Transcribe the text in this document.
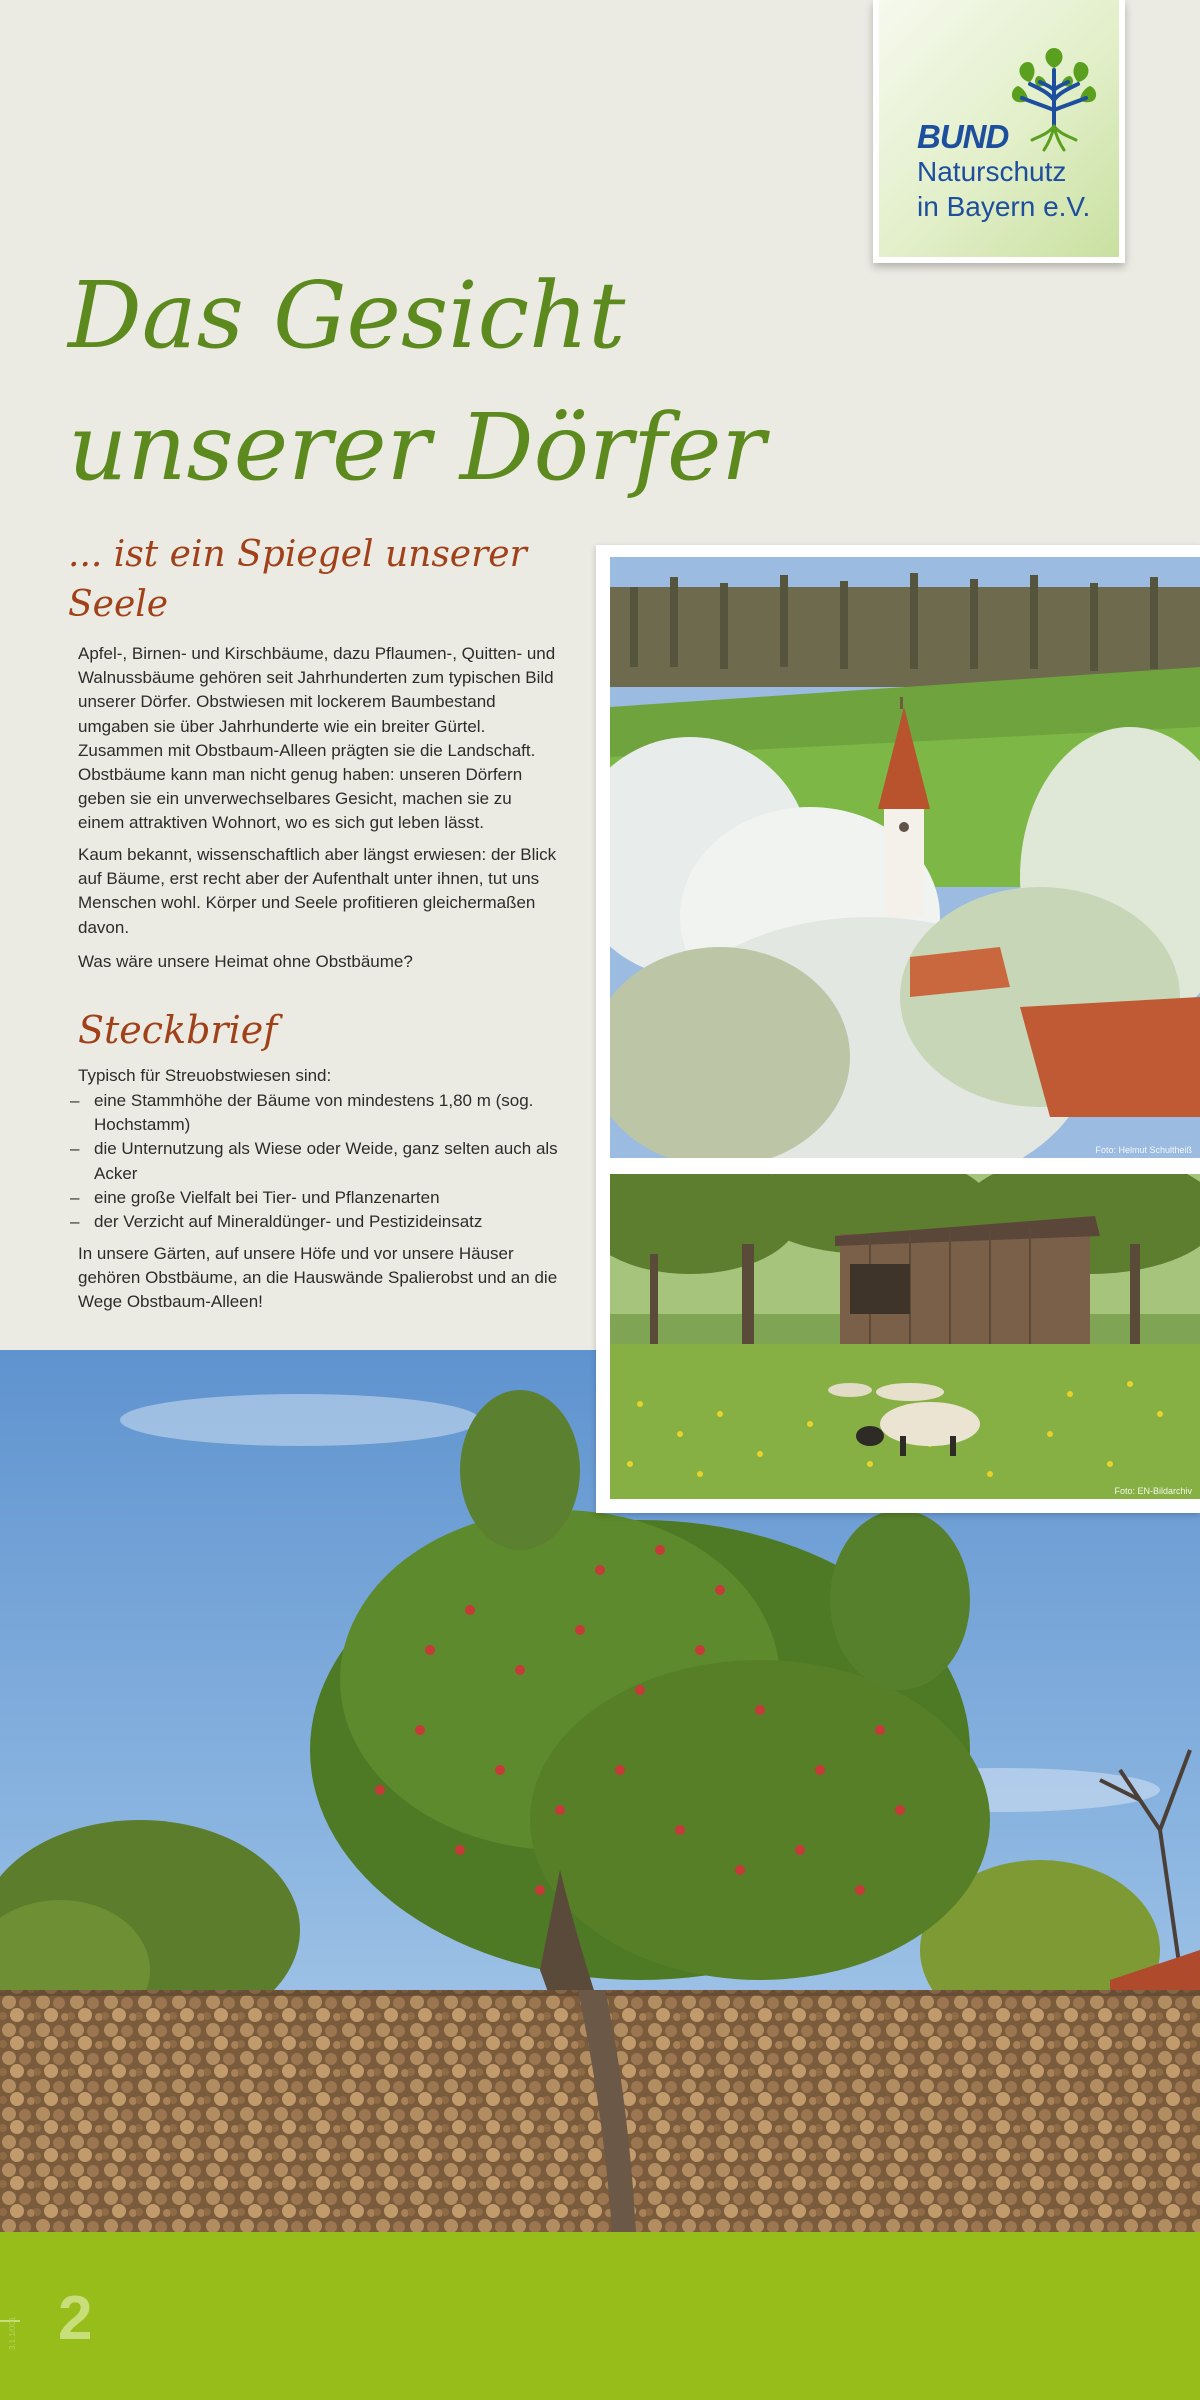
BUND
Naturschutz
in Bayern e.V.
Das Gesicht
unserer Dörfer
... ist ein Spiegel unserer Seele

Apfel-, Birnen- und Kirschbäume, dazu Pflaumen-, Quitten- und Walnussbäume gehören seit Jahrhunderten zum typischen Bild unserer Dörfer. Obstwiesen mit lockerem Baumbestand umgaben sie über Jahrhunderte wie ein breiter Gürtel. Zusammen mit Obstbaum-Alleen prägten sie die Landschaft. Obstbäume kann man nicht genug haben: unseren Dörfern geben sie ein unverwechselbares Gesicht, machen sie zu einem attraktiven Wohnort, wo es sich gut leben lässt.

Kaum bekannt, wissenschaftlich aber längst erwiesen: der Blick auf Bäume, erst recht aber der Aufenthalt unter ihnen, tut uns Menschen wohl. Körper und Seele profitieren gleichermaßen davon.

Was wäre unsere Heimat ohne Obstbäume?

Steckbrief

Typisch für Streuobstwiesen sind:

– eine Stammhöhe der Bäume von mindestens 1,80 m (sog. Hochstamm)
– die Unternutzung als Wiese oder Weide, ganz selten auch als Acker
– eine große Vielfalt bei Tier- und Pflanzenarten
– der Verzicht auf Mineraldünger- und Pestizideinsatz

In unsere Gärten, auf unsere Höfe und vor unsere Häuser gehören Obstbäume, an die Hauswände Spalierobst und an die Wege Obstbaum-Alleen!

Foto: Helmut Schultheiß
Foto: EN-Bildarchiv
3.1.1/001 2
